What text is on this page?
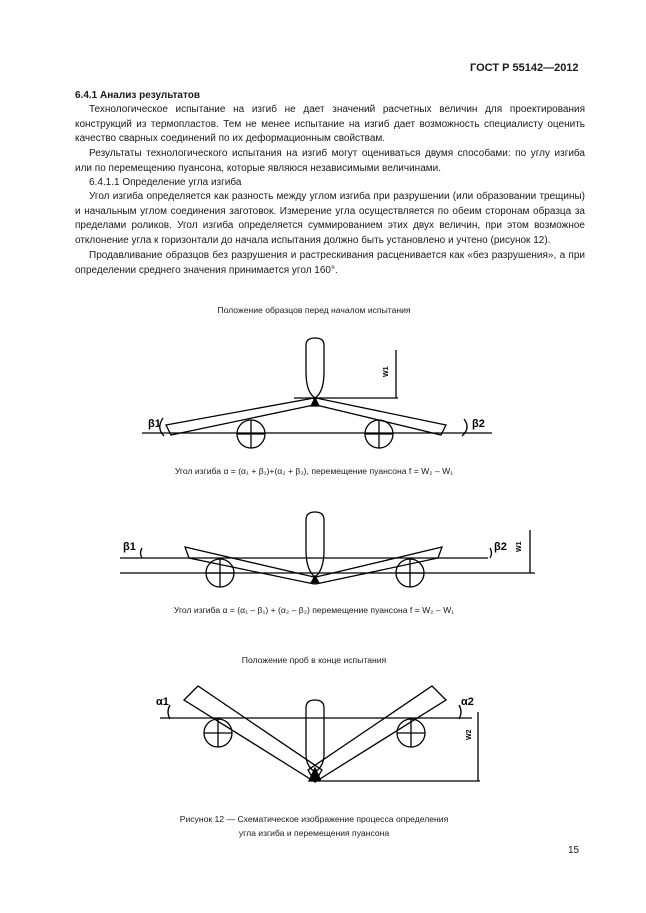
ГОСТ Р 55142—2012
6.4.1 Анализ результатов

Технологическое испытание на изгиб не дает значений расчетных величин для проектирования конструкций из термопластов. Тем не менее испытание на изгиб дает возможность специалисту оценить качество сварных соединений по их деформационным свойствам.

Результаты технологического испытания на изгиб могут оцениваться двумя способами: по углу изгиба или по перемещению пуансона, которые являюся независимыми величинами.

6.4.1.1 Определение угла изгиба

Угол изгиба определяется как разность между углом изгиба при разрушении (или образовании трещины) и начальным углом соединения заготовок. Измерение угла осуществляется по обеим сторонам образца за пределами роликов. Угол изгиба определяется суммированием этих двух величин, при этом возможное отклонение угла к горизонтали до начала испытания должно быть установлено и учтено (рисунок 12).

Продавливание образцов без разрушения и растрескивания расценивается как «без разрушения», а при определении среднего значения принимается угол 160°.

Положение образцов перед началом испытания
Угол изгиба α = (α₁ + β₁)+(α₂ + β₂), перемещение пуансона f = W₂ – W₁
Угол изгиба α = (α₁ – β₁) + (α₂ – β₂) перемещение пуансона f = W₂ – W₁
Положение проб в конце испытания
Рисунок 12 — Схематическое изображение процесса определения
угла изгиба и перемещения пуансона
15
β1	β2
W1
β1	β2 W1
α1	α2
W2
